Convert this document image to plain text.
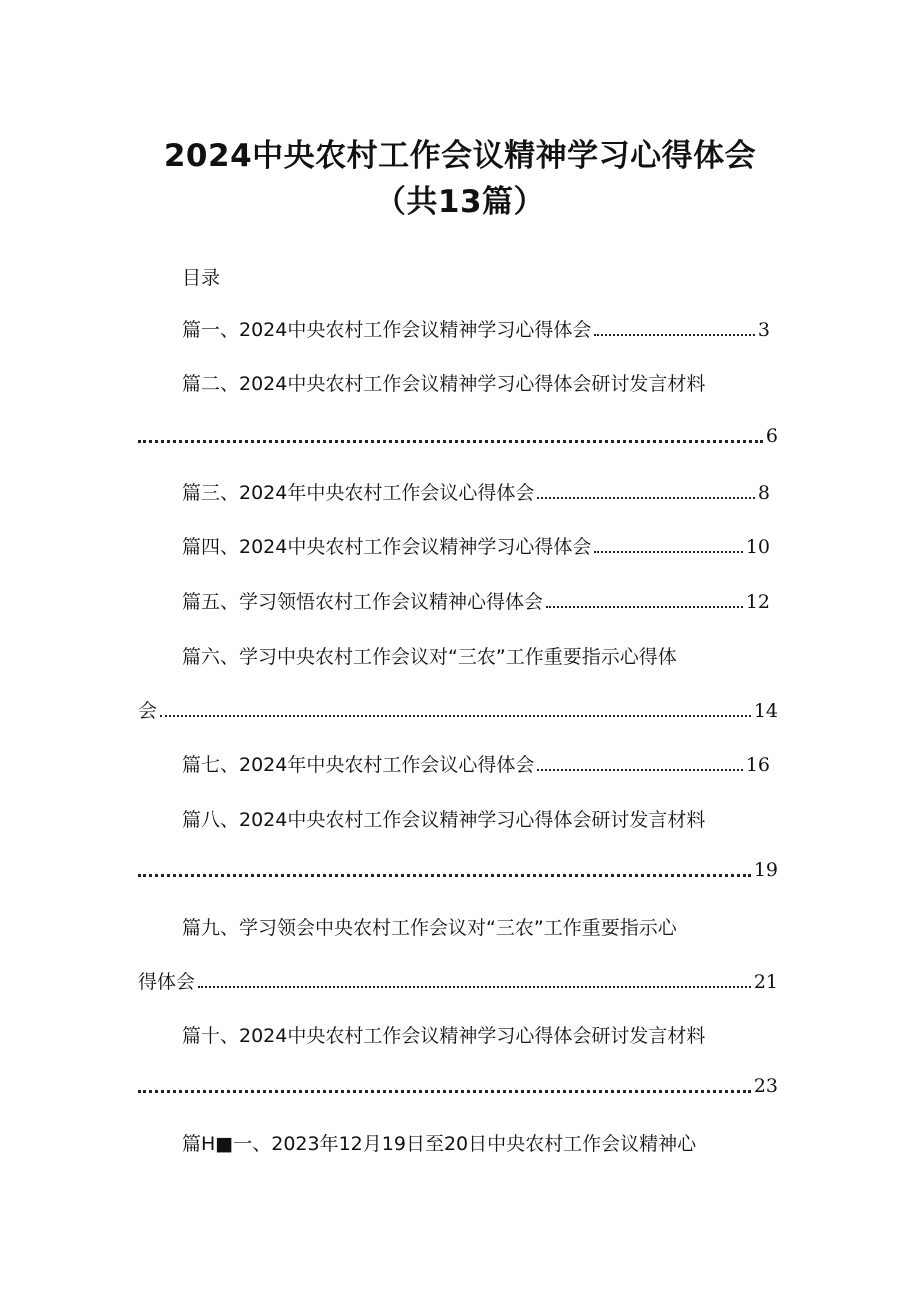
2024中央农村工作会议精神学习心得体会
（共13篇）
目录
篇一、2024中央农村工作会议精神学习心得体会	3
篇二、2024中央农村工作会议精神学习心得体会研讨发言材料
6
篇三、2024年中央农村工作会议心得体会	8
篇四、2024中央农村工作会议精神学习心得体会	10
篇五、学习领悟农村工作会议精神心得体会	12
篇六、学习中央农村工作会议对“三农”工作重要指示心得体
会	14
篇七、2024年中央农村工作会议心得体会	16
篇八、2024中央农村工作会议精神学习心得体会研讨发言材料
19
篇九、学习领会中央农村工作会议对“三农”工作重要指示心
得体会	21
篇十、2024中央农村工作会议精神学习心得体会研讨发言材料
23
篇H■一、2023年12月19日至20日中央农村工作会议精神心
